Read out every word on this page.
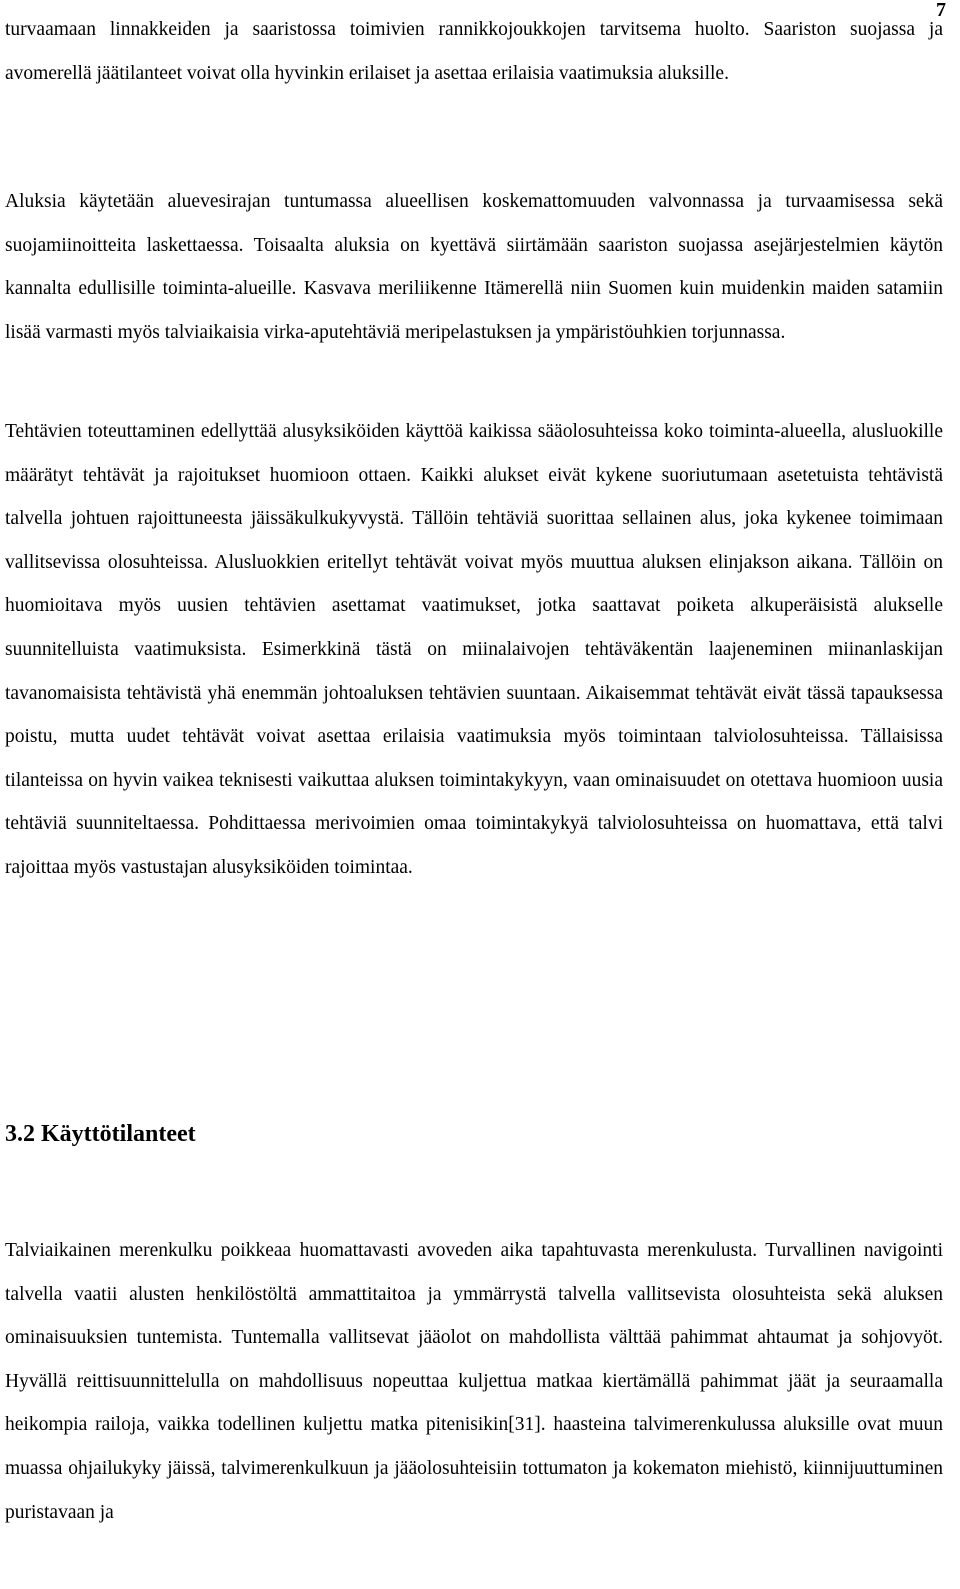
7

turvaamaan linnakkeiden ja saaristossa toimivien rannikkojoukkojen tarvitsema huolto. Saariston suojassa ja avomerellä jäätilanteet voivat olla hyvinkin erilaiset ja asettaa erilaisia vaatimuksia aluksille.

Aluksia käytetään aluevesirajan tuntumassa alueellisen koskemattomuuden valvonnassa ja turvaamisessa sekä suojamiinoitteita laskettaessa. Toisaalta aluksia on kyettävä siirtämään saariston suojassa asejärjestelmien käytön kannalta edullisille toiminta-alueille. Kasvava meriliikenne Itämerellä niin Suomen kuin muidenkin maiden satamiin lisää varmasti myös talviaikaisia virka-aputehtäviä meripelastuksen ja ympäristöuhkien torjunnassa.

Tehtävien toteuttaminen edellyttää alusyksiköiden käyttöä kaikissa sääolosuhteissa koko toiminta-alueella, alusluokille määrätyt tehtävät ja rajoitukset huomioon ottaen. Kaikki alukset eivät kykene suoriutumaan asetetuista tehtävistä talvella johtuen rajoittuneesta jäissäkulkukyvystä. Tällöin tehtäviä suorittaa sellainen alus, joka kykenee toimimaan vallitsevissa olosuhteissa. Alusluokkien eritellyt tehtävät voivat myös muuttua aluksen elinjakson aikana. Tällöin on huomioitava myös uusien tehtävien asettamat vaatimukset, jotka saattavat poiketa alkuperäisistä alukselle suunnitelluista vaatimuksista. Esimerkkinä tästä on miinalaivojen tehtäväkentän laajeneminen miinanlaskijan tavanomaisista tehtävistä yhä enemmän johtoaluksen tehtävien suuntaan. Aikaisemmat tehtävät eivät tässä tapauksessa poistu, mutta uudet tehtävät voivat asettaa erilaisia vaatimuksia myös toimintaan talviolosuhteissa. Tällaisissa tilanteissa on hyvin vaikea teknisesti vaikuttaa aluksen toimintakykyyn, vaan ominaisuudet on otettava huomioon uusia tehtäviä suunniteltaessa. Pohdittaessa merivoimien omaa toimintakykyä talviolosuhteissa on huomattava, että talvi rajoittaa myös vastustajan alusyksiköiden toimintaa.

3.2 Käyttötilanteet

Talviaikainen merenkulku poikkeaa huomattavasti avoveden aika tapahtuvasta merenkulusta. Turvallinen navigointi talvella vaatii alusten henkilöstöltä ammattitaitoa ja ymmärrystä talvella vallitsevista olosuhteista sekä aluksen ominaisuuksien tuntemista. Tuntemalla vallitsevat jääolot on mahdollista välttää pahimmat ahtaumat ja sohjovyöt. Hyvällä reittisuunnittelulla on mahdollisuus nopeuttaa kuljettua matkaa kiertämällä pahimmat jäät ja seuraamalla heikompia railoja, vaikka todellinen kuljettu matka pitenisikin[31]. haasteina talvimerenkulussa aluksille ovat muun muassa ohjailukyky jäissä, talvimerenkulkuun ja jääolosuhteisiin tottumaton ja kokematon miehistö, kiinnijuuttuminen puristavaan ja
